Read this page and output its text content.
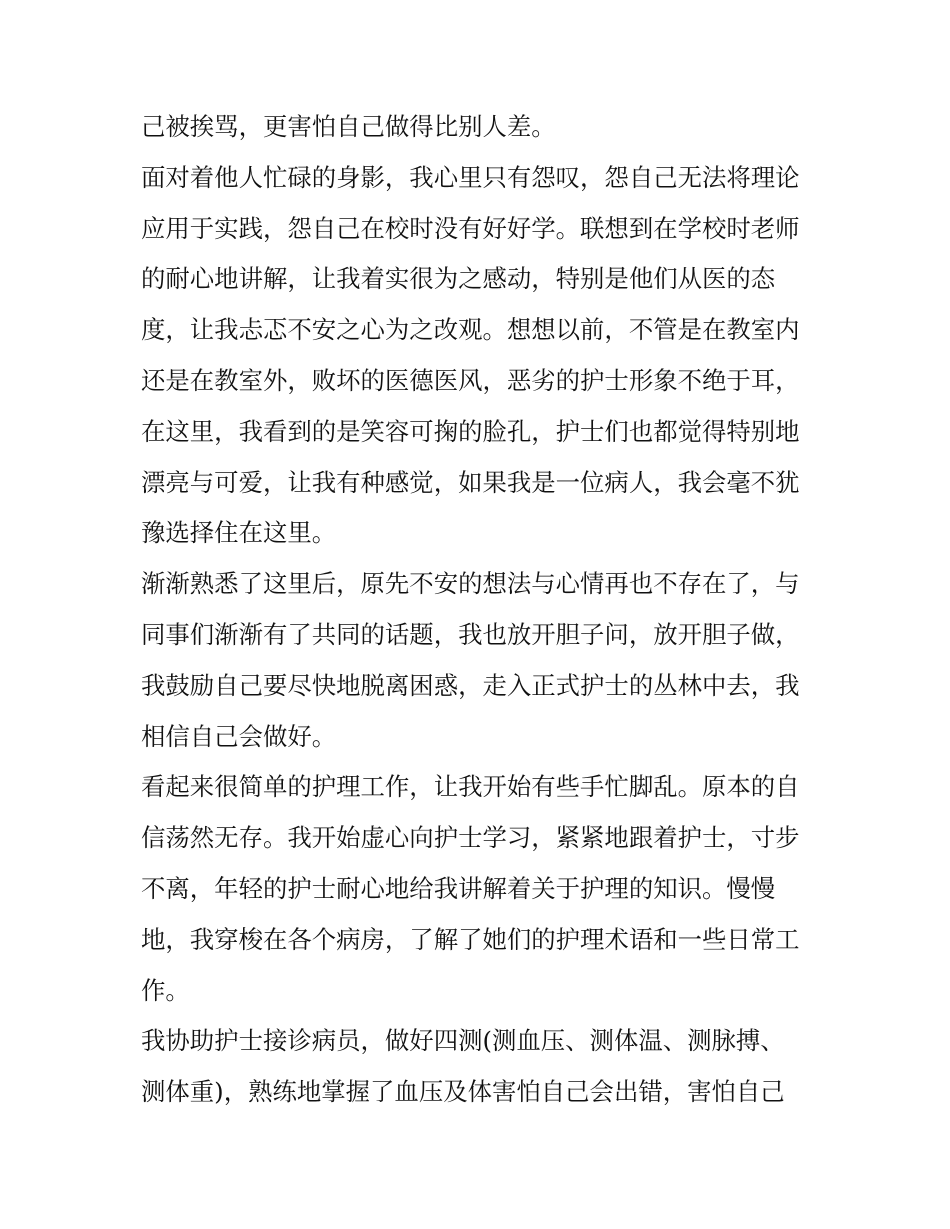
己被挨骂，更害怕自己做得比别人差。
面对着他人忙碌的身影，我心里只有怨叹，怨自己无法将理论
应用于实践，怨自己在校时没有好好学。联想到在学校时老师
的耐心地讲解，让我着实很为之感动，特别是他们从医的态
度，让我忐忑不安之心为之改观。想想以前，不管是在教室内
还是在教室外，败坏的医德医风，恶劣的护士形象不绝于耳，
在这里，我看到的是笑容可掬的脸孔，护士们也都觉得特别地
漂亮与可爱，让我有种感觉，如果我是一位病人，我会毫不犹
豫选择住在这里。
渐渐熟悉了这里后，原先不安的想法与心情再也不存在了，与
同事们渐渐有了共同的话题，我也放开胆子问，放开胆子做，
我鼓励自己要尽快地脱离困惑，走入正式护士的丛林中去，我
相信自己会做好。
看起来很简单的护理工作，让我开始有些手忙脚乱。原本的自
信荡然无存。我开始虚心向护士学习，紧紧地跟着护士，寸步
不离，年轻的护士耐心地给我讲解着关于护理的知识。慢慢
地，我穿梭在各个病房，了解了她们的护理术语和一些日常工
作。
我协助护士接诊病员，做好四测(测血压、测体温、测脉搏、
测体重)，熟练地掌握了血压及体害怕自己会出错，害怕自己
